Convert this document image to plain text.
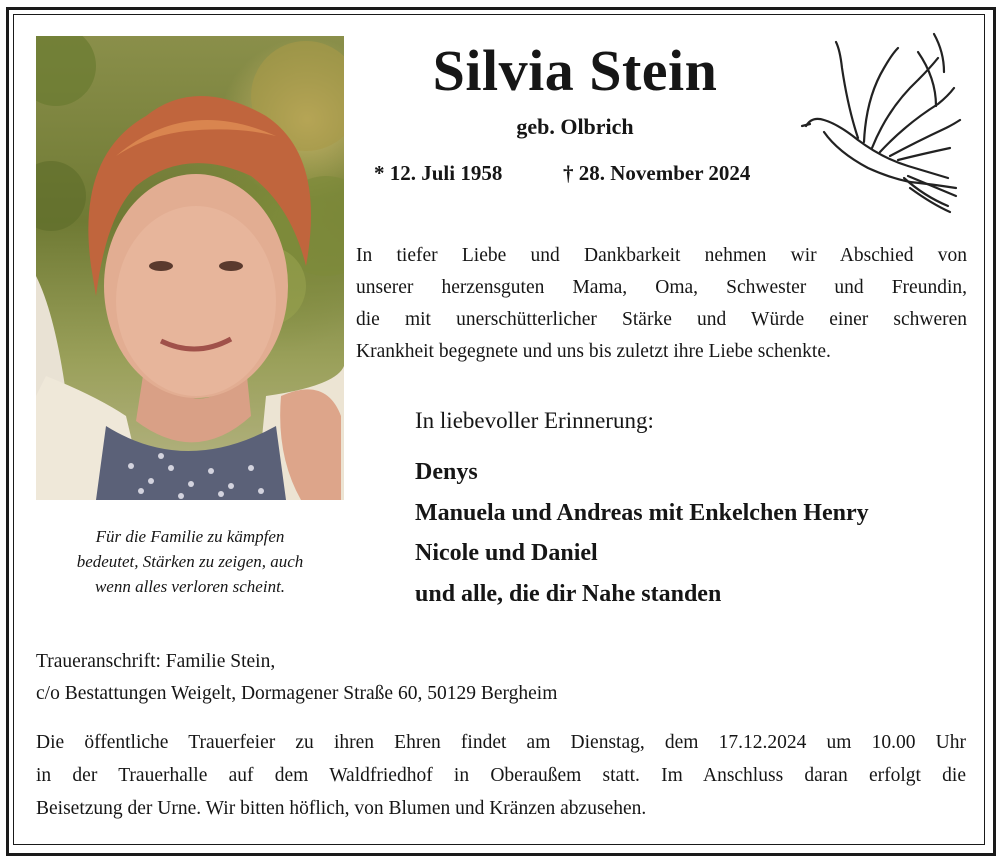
Für die Familie zu kämpfen
bedeutet, Stärken zu zeigen, auch
wenn alles verloren scheint.
Silvia Stein
geb. Olbrich
* 12. Juli 1958	† 28. November 2024
In tiefer Liebe und Dankbarkeit nehmen wir Abschied von
unserer herzensguten Mama, Oma, Schwester und Freundin,
die mit unerschütterlicher Stärke und Würde einer schweren
Krankheit begegnete und uns bis zuletzt ihre Liebe schenkte.
In liebevoller Erinnerung:
Denys
Manuela und Andreas mit Enkelchen Henry
Nicole und Daniel
und alle, die dir Nahe standen
Traueranschrift: Familie Stein,
c/o Bestattungen Weigelt, Dormagener Straße 60, 50129 Bergheim
Die öffentliche Trauerfeier zu ihren Ehren findet am Dienstag, dem 17.12.2024 um 10.00 Uhr
in der Trauerhalle auf dem Waldfriedhof in Oberaußem statt. Im Anschluss daran erfolgt die
Beisetzung der Urne. Wir bitten höflich, von Blumen und Kränzen abzusehen.
